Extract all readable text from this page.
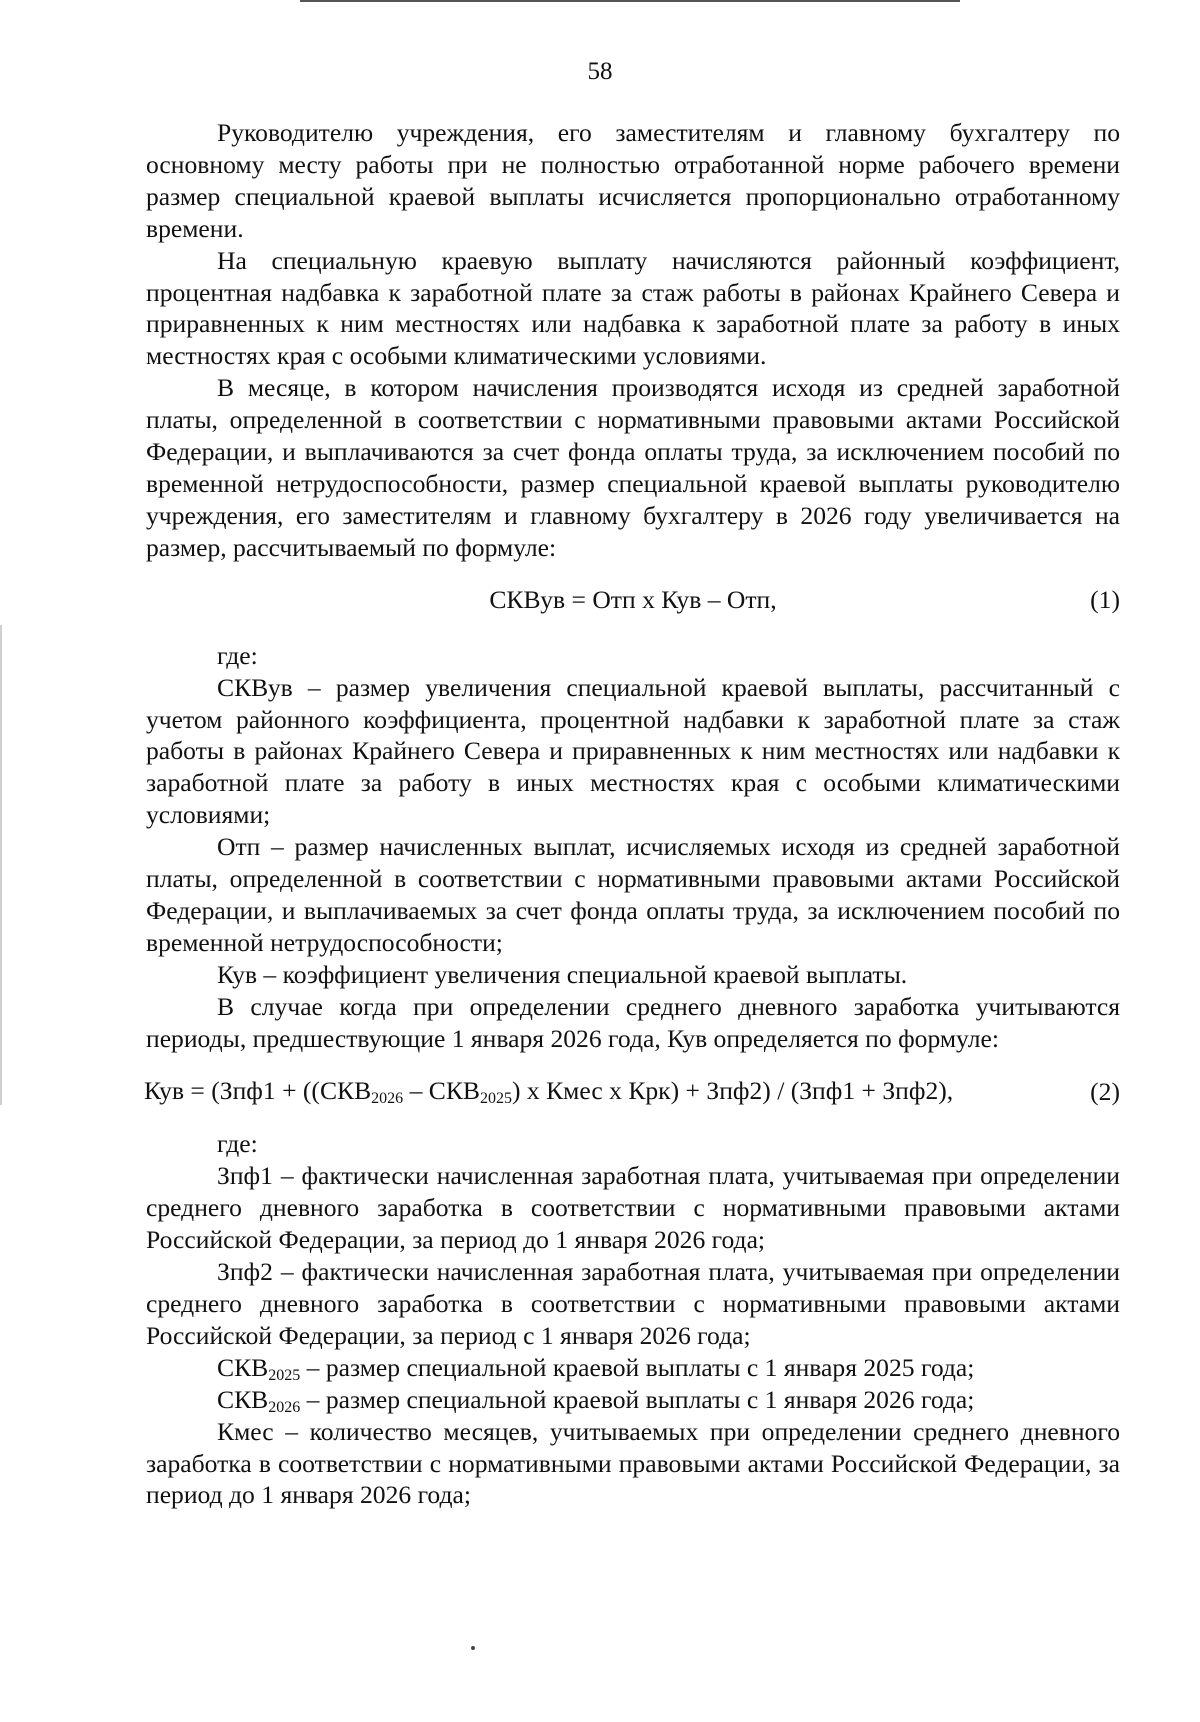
58

Руководителю учреждения, его заместителям и главному бухгалтеру по основному месту работы при не полностью отработанной норме рабочего времени размер специальной краевой выплаты исчисляется пропорционально отработанному времени.

На специальную краевую выплату начисляются районный коэффициент, процентная надбавка к заработной плате за стаж работы в районах Крайнего Севера и приравненных к ним местностях или надбавка к заработной плате за работу в иных местностях края с особыми климатическими условиями.

В месяце, в котором начисления производятся исходя из средней заработной платы, определенной в соответствии с нормативными правовыми актами Российской Федерации, и выплачиваются за счет фонда оплаты труда, за исключением пособий по временной нетрудоспособности, размер специальной краевой выплаты руководителю учреждения, его заместителям и главному бухгалтеру в 2026 году увеличивается на размер, рассчитываемый по формуле:

СКВув = Отп х Кув – Отп,	(1)

где:

СКВув – размер увеличения специальной краевой выплаты, рассчитанный с учетом районного коэффициента, процентной надбавки к заработной плате за стаж работы в районах Крайнего Севера и приравненных к ним местностях или надбавки к заработной плате за работу в иных местностях края с особыми климатическими условиями;

Отп – размер начисленных выплат, исчисляемых исходя из средней заработной платы, определенной в соответствии с нормативными правовыми актами Российской Федерации, и выплачиваемых за счет фонда оплаты труда, за исключением пособий по временной нетрудоспособности;

Кув – коэффициент увеличения специальной краевой выплаты.

В случае когда при определении среднего дневного заработка учитываются периоды, предшествующие 1 января 2026 года, Кув определяется по формуле:

Кув = ($Зпф1 + ((СКВ_{2026} - СКВ_{2025})$ х Кмес х Крк) + Зпф2) / (Зпф1 + Зпф2),	(2)

где:

Зпф1 – фактически начисленная заработная плата, учитываемая при определении среднего дневного заработка в соответствии с нормативными правовыми актами Российской Федерации, за период до 1 января 2026 года;

Зпф2 – фактически начисленная заработная плата, учитываемая при определении среднего дневного заработка в соответствии с нормативными правовыми актами Российской Федерации, за период с 1 января 2026 года;

$СКВ_{2025}$ – размер специальной краевой выплаты с 1 января 2025 года;

$СКВ_{2026}$ – размер специальной краевой выплаты с 1 января 2026 года;

Кмес – количество месяцев, учитываемых при определении среднего дневного заработка в соответствии с нормативными правовыми актами Российской Федерации, за период до 1 января 2026 года;
